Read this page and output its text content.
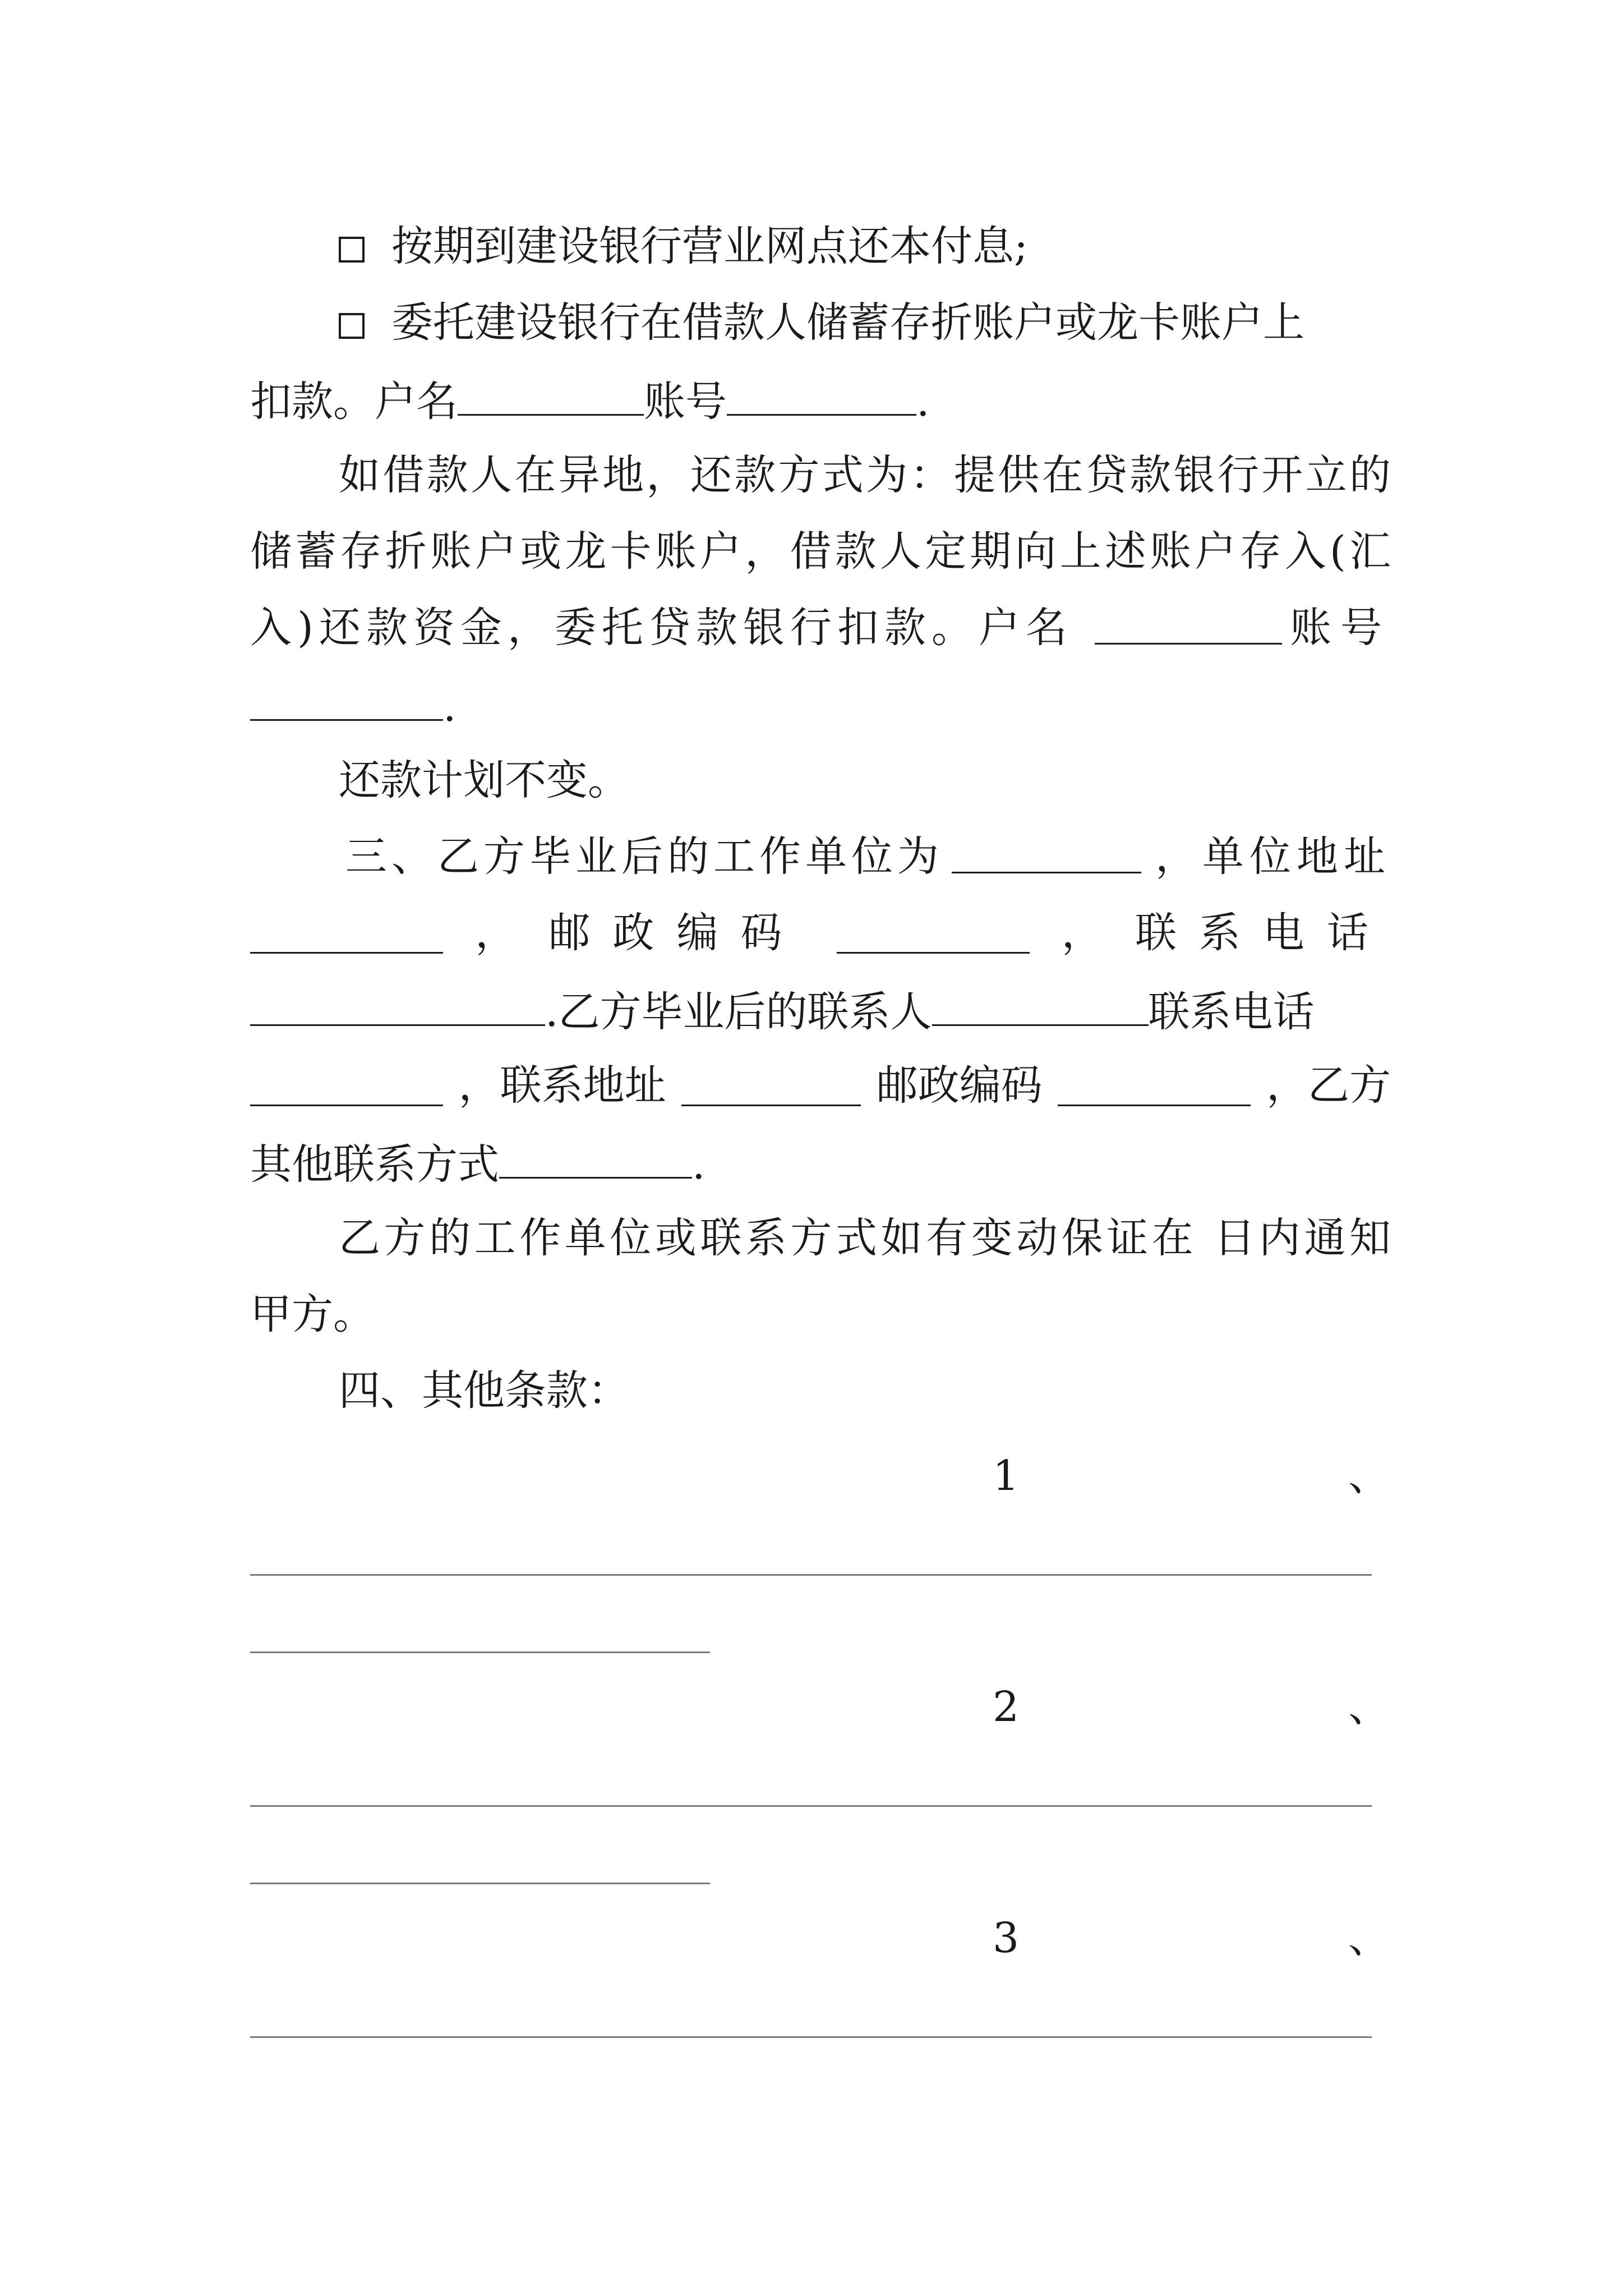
按期到建设银行营业网点还本付息;
委托建设银行在借款人储蓄存折账户或龙卡账户上
扣款。户名	账号	.
如借款人在异地，还款方式为：提供在贷款银行开立的
储蓄存折账户或龙卡账户，借款人定期向上述账户存入(汇
入)还款资金，委托贷款银行扣款。户名	账号
.
还款计划不变。
三、乙方毕业后的工作单位为	，单位地址
， 邮政编码	， 联系电话
.乙方毕业后的联系人	联系电话
，联系地址	邮政编码	，乙方
其他联系方式	.
乙方的工作单位或联系方式如有变动保证在 日内通知
甲方。
四、其他条款：
1	、
2	、
3	、
